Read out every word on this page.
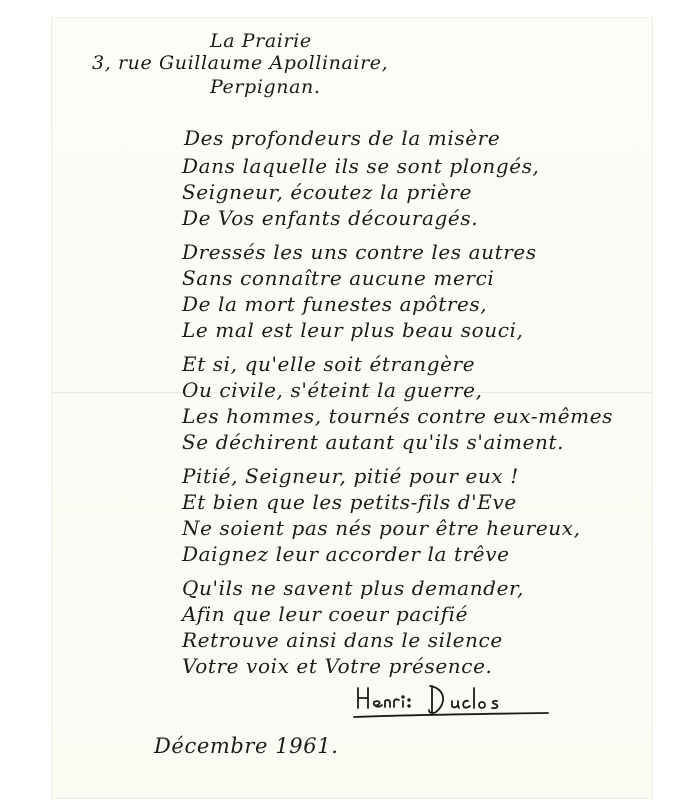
La Prairie
3, rue Guillaume Apollinaire,
Perpignan.
Des profondeurs de la misère
Dans laquelle ils se sont plongés,
Seigneur, écoutez la prière
De Vos enfants découragés.
Dressés les uns contre les autres
Sans connaître aucune merci
De la mort funestes apôtres,
Le mal est leur plus beau souci,
Et si, qu'elle soit étrangère
Ou civile, s'éteint la guerre,
Les hommes, tournés contre eux-mêmes
Se déchirent autant qu'ils s'aiment.
Pitié, Seigneur, pitié pour eux !
Et bien que les petits-fils d'Eve
Ne soient pas nés pour être heureux,
Daignez leur accorder la trêve
Qu'ils ne savent plus demander,
Afin que leur coeur pacifié
Retrouve ainsi dans le silence
Votre voix et Votre présence.
Décembre 1961.
